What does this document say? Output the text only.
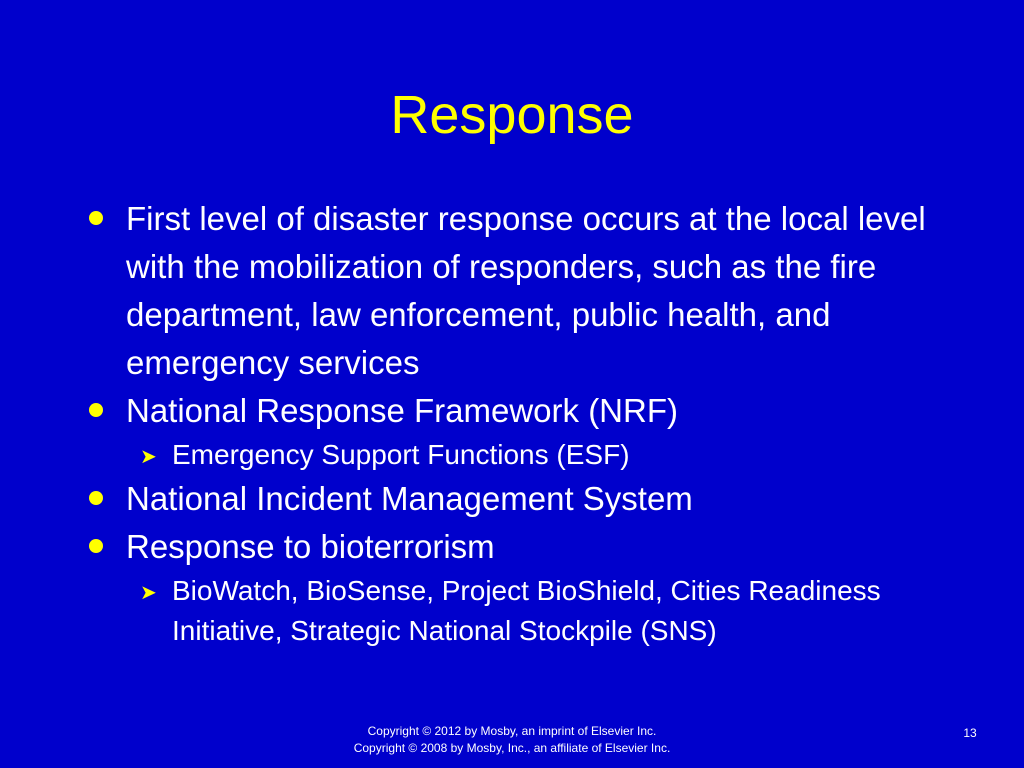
Response
First level of disaster response occurs at the local level with the mobilization of responders, such as the fire department, law enforcement, public health, and emergency services
National Response Framework (NRF)
➤ Emergency Support Functions (ESF)
National Incident Management System
Response to bioterrorism
➤ BioWatch, BioSense, Project BioShield, Cities Readiness Initiative, Strategic National Stockpile (SNS)
Copyright © 2012 by Mosby, an imprint of Elsevier Inc.
Copyright © 2008 by Mosby, Inc., an affiliate of Elsevier Inc.
13
